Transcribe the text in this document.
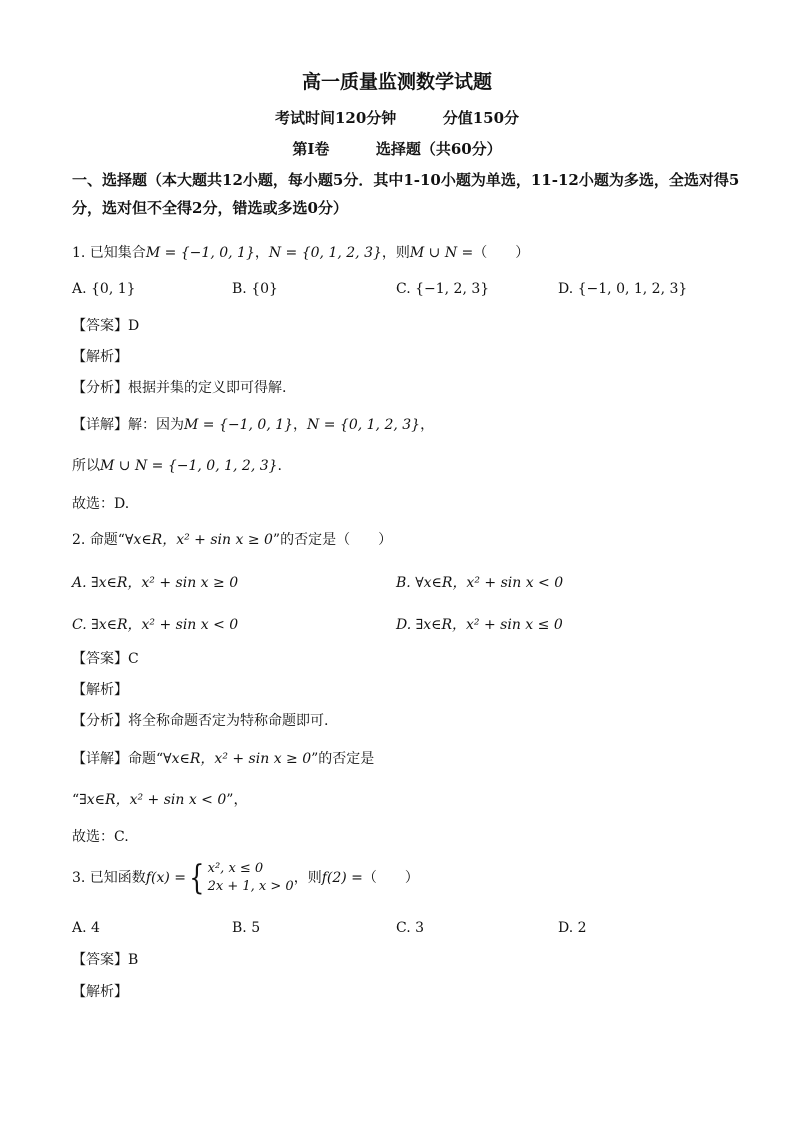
高一质量监测数学试题
考试时间120分钟	分值150分
第I卷	选择题（共60分）
一、选择题（本大题共12小题，每小题5分．其中1-10小题为单选，11-12小题为多选，全选对得5分，选对但不全得2分，错选或多选0分）
1. 已知集合M = {−1, 0, 1}，N = {0, 1, 2, 3}，则M ∪ N =（　　）
A. {0, 1}	B. {0}	C. {−1, 2, 3}	D. {−1, 0, 1, 2, 3}
【答案】D
【解析】
【分析】根据并集的定义即可得解.
【详解】解：因为M = {−1, 0, 1}，N = {0, 1, 2, 3}，
所以M ∪ N = {−1, 0, 1, 2, 3}.
故选：D.
2. 命题“∀x∈R，x² + sin x ≥ 0”的否定是（　　）
A. ∃x∈R，x² + sin x ≥ 0	B. ∀x∈R，x² + sin x < 0
C. ∃x∈R，x² + sin x < 0	D. ∃x∈R，x² + sin x ≤ 0
【答案】C
【解析】
【分析】将全称命题否定为特称命题即可.
【详解】命题“∀x∈R，x² + sin x ≥ 0”的否定是
“∃x∈R，x² + sin x < 0”，
故选：C.
3. 已知函数f(x) ={ x², x ≤ 0
2x + 1, x > 0
，则f(2) =（　　）
A. 4	B. 5	C. 3	D. 2
【答案】B
【解析】
